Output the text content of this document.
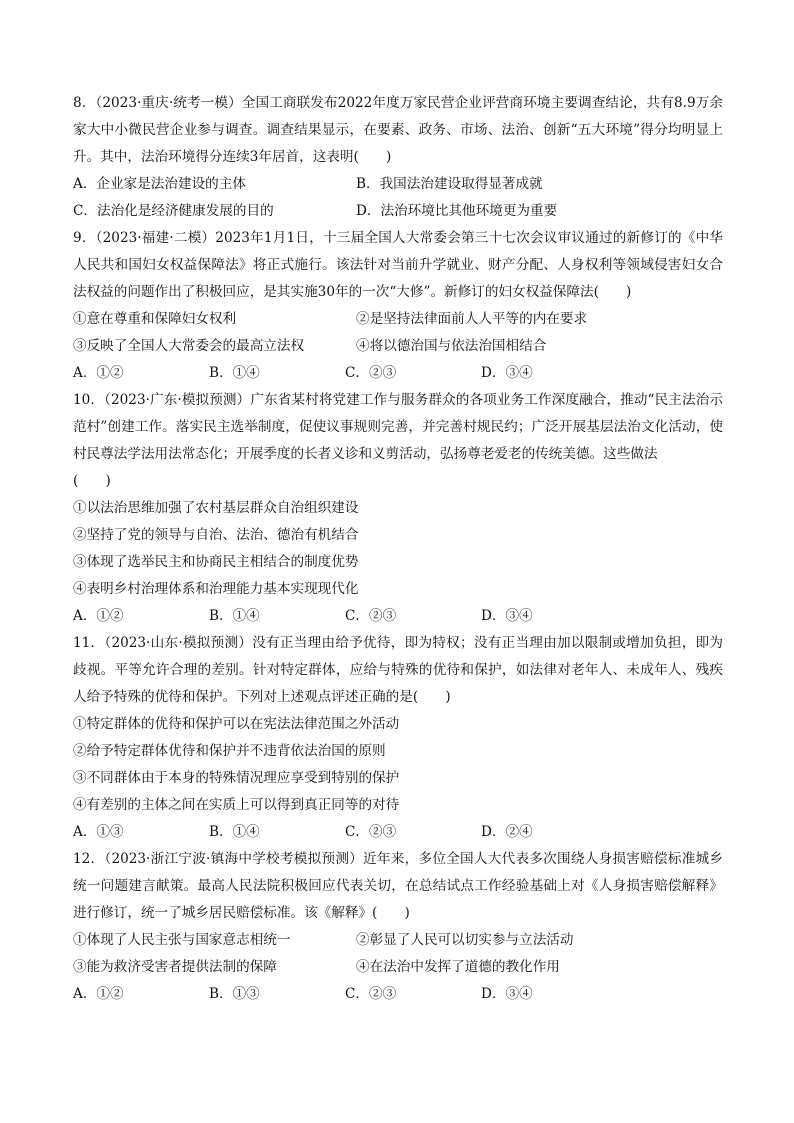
8．（2023·重庆·统考一模）全国工商联发布2022年度万家民营企业评营商环境主要调查结论，共有8.9万余家大中小微民营企业参与调查。调查结果显示，在要素、政务、市场、法治、创新“五大环境”得分均明显上升。其中，法治环境得分连续3年居首，这表明(　　)

A．企业家是法治建设的主体	B．我国法治建设取得显著成就
C．法治化是经济健康发展的目的	D．法治环境比其他环境更为重要

9．（2023·福建·二模）2023年1月1日，十三届全国人大常委会第三十七次会议审议通过的新修订的《中华人民共和国妇女权益保障法》将正式施行。该法针对当前升学就业、财产分配、人身权利等领域侵害妇女合法权益的问题作出了积极回应，是其实施30年的一次“大修”。新修订的妇女权益保障法(　　)

①意在尊重和保障妇女权利	②是坚持法律面前人人平等的内在要求
③反映了全国人大常委会的最高立法权	④将以德治国与依法治国相结合
A．①②	B．①④	C．②③	D．③④

10．（2023·广东·模拟预测）广东省某村将党建工作与服务群众的各项业务工作深度融合，推动“民主法治示范村”创建工作。落实民主选举制度，促使议事规则完善，并完善村规民约；广泛开展基层法治文化活动，使村民尊法学法用法常态化；开展季度的长者义诊和义剪活动，弘扬尊老爱老的传统美德。这些做法

(　　)

①以法治思维加强了农村基层群众自治组织建设
②坚持了党的领导与自治、法治、德治有机结合
③体现了选举民主和协商民主相结合的制度优势
④表明乡村治理体系和治理能力基本实现现代化
A．①②	B．①④	C．②③	D．③④

11．（2023·山东·模拟预测）没有正当理由给予优待，即为特权；没有正当理由加以限制或增加负担，即为歧视。平等允许合理的差别。针对特定群体，应给与特殊的优待和保护，如法律对老年人、未成年人、残疾人给予特殊的优待和保护。下列对上述观点评述正确的是(　　)

①特定群体的优待和保护可以在宪法法律范围之外活动
②给予特定群体优待和保护并不违背依法治国的原则
③不同群体由于本身的特殊情况理应享受到特别的保护
④有差别的主体之间在实质上可以得到真正同等的对待
A．①③	B．①④	C．②③	D．②④

12．（2023·浙江宁波·镇海中学校考模拟预测）近年来，多位全国人大代表多次围绕人身损害赔偿标准城乡统一问题建言献策。最高人民法院积极回应代表关切，在总结试点工作经验基础上对《人身损害赔偿解释》进行修订，统一了城乡居民赔偿标准。该《解释》(　　)

①体现了人民主张与国家意志相统一	②彰显了人民可以切实参与立法活动
③能为救济受害者提供法制的保障	④在法治中发挥了道德的教化作用
A．①②	B．①③	C．②③	D．③④
